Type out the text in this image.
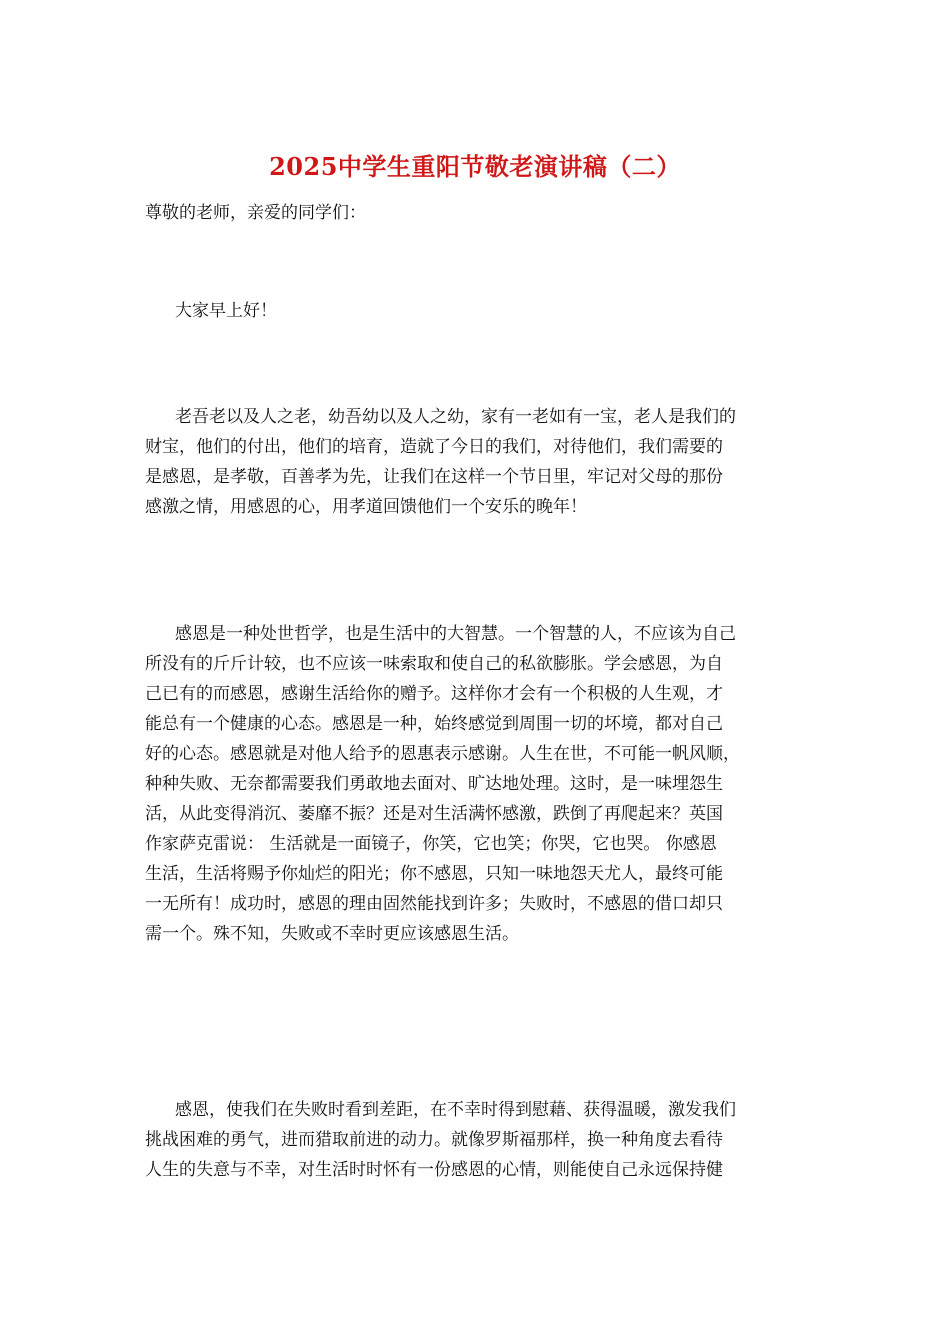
2025中学生重阳节敬老演讲稿（二）
尊敬的老师，亲爱的同学们：
大家早上好！
老吾老以及人之老，幼吾幼以及人之幼，家有一老如有一宝，老人是我们的
财宝，他们的付出，他们的培育，造就了今日的我们，对待他们，我们需要的
是感恩，是孝敬，百善孝为先，让我们在这样一个节日里，牢记对父母的那份
感激之情，用感恩的心，用孝道回馈他们一个安乐的晚年！
感恩是一种处世哲学，也是生活中的大智慧。一个智慧的人，不应该为自己
所没有的斤斤计较，也不应该一味索取和使自己的私欲膨胀。学会感恩，为自
己已有的而感恩，感谢生活给你的赠予。这样你才会有一个积极的人生观，才
能总有一个健康的心态。感恩是一种，始终感觉到周围一切的坏境，都对自己
好的心态。感恩就是对他人给予的恩惠表示感谢。人生在世，不可能一帆风顺，
种种失败、无奈都需要我们勇敢地去面对、旷达地处理。这时，是一味埋怨生
活，从此变得消沉、萎靡不振？还是对生活满怀感激，跌倒了再爬起来？英国
作家萨克雷说： 生活就是一面镜子，你笑，它也笑；你哭，它也哭。 你感恩
生活，生活将赐予你灿烂的阳光；你不感恩，只知一味地怨天尤人，最终可能
一无所有！成功时，感恩的理由固然能找到许多；失败时，不感恩的借口却只
需一个。殊不知，失败或不幸时更应该感恩生活。
感恩，使我们在失败时看到差距，在不幸时得到慰藉、获得温暖，激发我们
挑战困难的勇气，进而猎取前进的动力。就像罗斯福那样，换一种角度去看待
人生的失意与不幸，对生活时时怀有一份感恩的心情，则能使自己永远保持健
